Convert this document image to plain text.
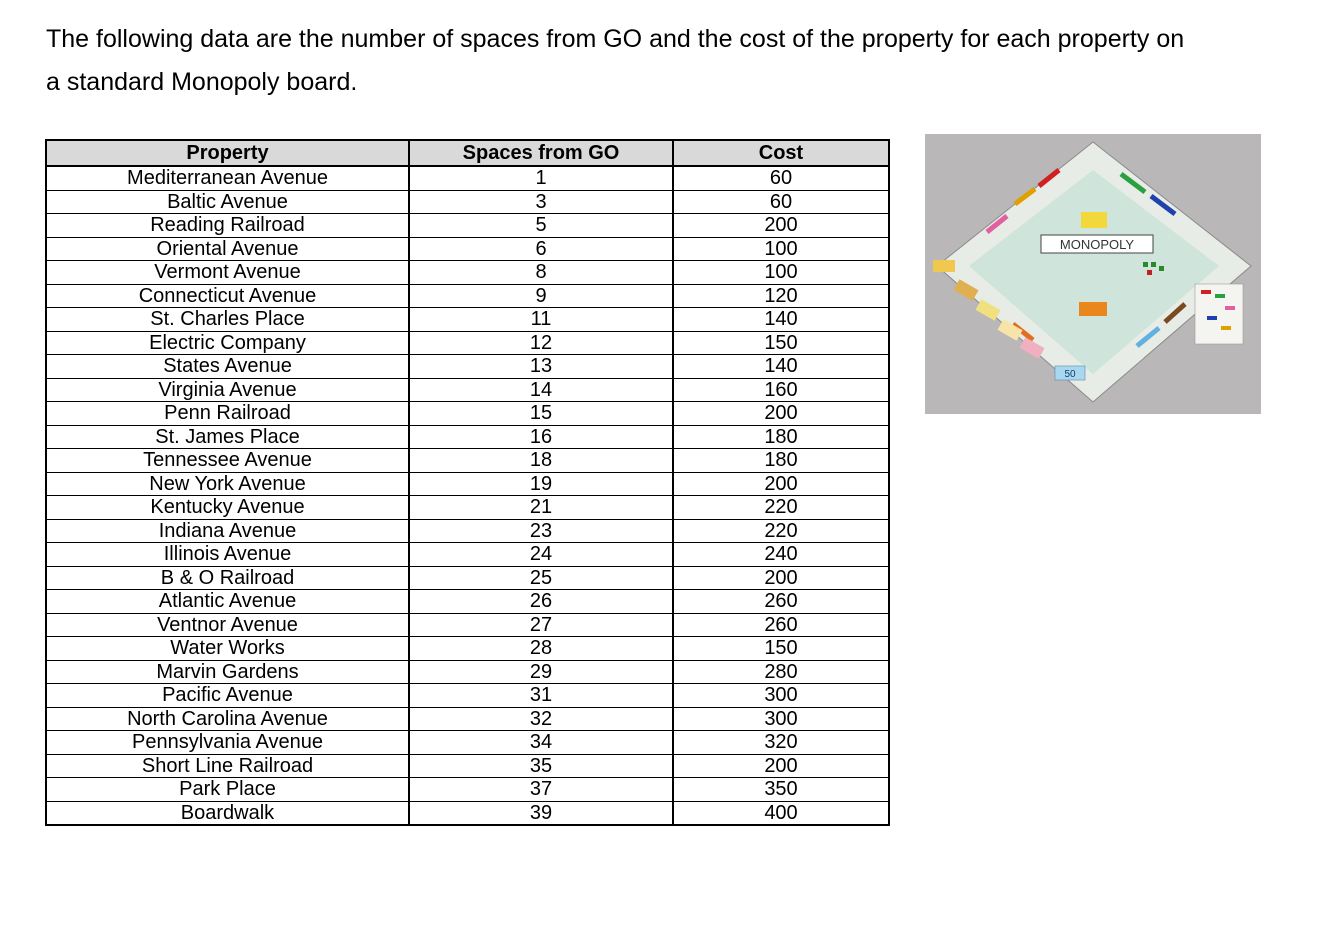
The following data are the number of spaces from GO and the cost of the property for each property on a standard Monopoly board.
Property	Spaces from GO	Cost
Mediterranean Avenue	1	60
Baltic Avenue	3	60
Reading Railroad	5	200
Oriental Avenue	6	100
Vermont Avenue	8	100
Connecticut Avenue	9	120
St. Charles Place	11	140
Electric Company	12	150
States Avenue	13	140
Virginia Avenue	14	160
Penn Railroad	15	200
St. James Place	16	180
Tennessee Avenue	18	180
New York Avenue	19	200
Kentucky Avenue	21	220
Indiana Avenue	23	220
Illinois Avenue	24	240
B & O Railroad	25	200
Atlantic Avenue	26	260
Ventnor Avenue	27	260
Water Works	28	150
Marvin Gardens	29	280
Pacific Avenue	31	300
North Carolina Avenue	32	300
Pennsylvania Avenue	34	320
Short Line Railroad	35	200
Park Place	37	350
Boardwalk	39	400
MONOPOLY
50
